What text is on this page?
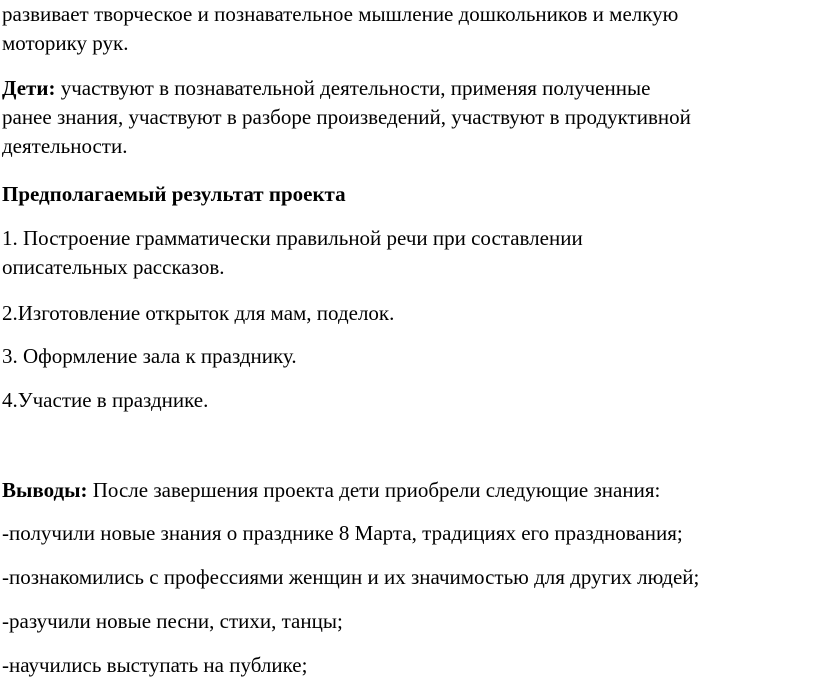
развивает творческое и познавательное мышление дошкольников и мелкую
моторику рук.

Дети: участвуют в познавательной деятельности, применяя полученные
ранее знания, участвуют в разборе произведений, участвуют в продуктивной
деятельности.

Предполагаемый результат проекта

1. Построение грамматически правильной речи при составлении
описательных рассказов.

2.Изготовление открыток для мам, поделок.

3. Оформление зала к празднику.

4.Участие в празднике.

Выводы: После завершения проекта дети приобрели следующие знания:

-получили новые знания о празднике 8 Марта, традициях его празднования;

-познакомились с профессиями женщин и их значимостью для других людей;

-разучили новые песни, стихи, танцы;

-научились выступать на публике;
